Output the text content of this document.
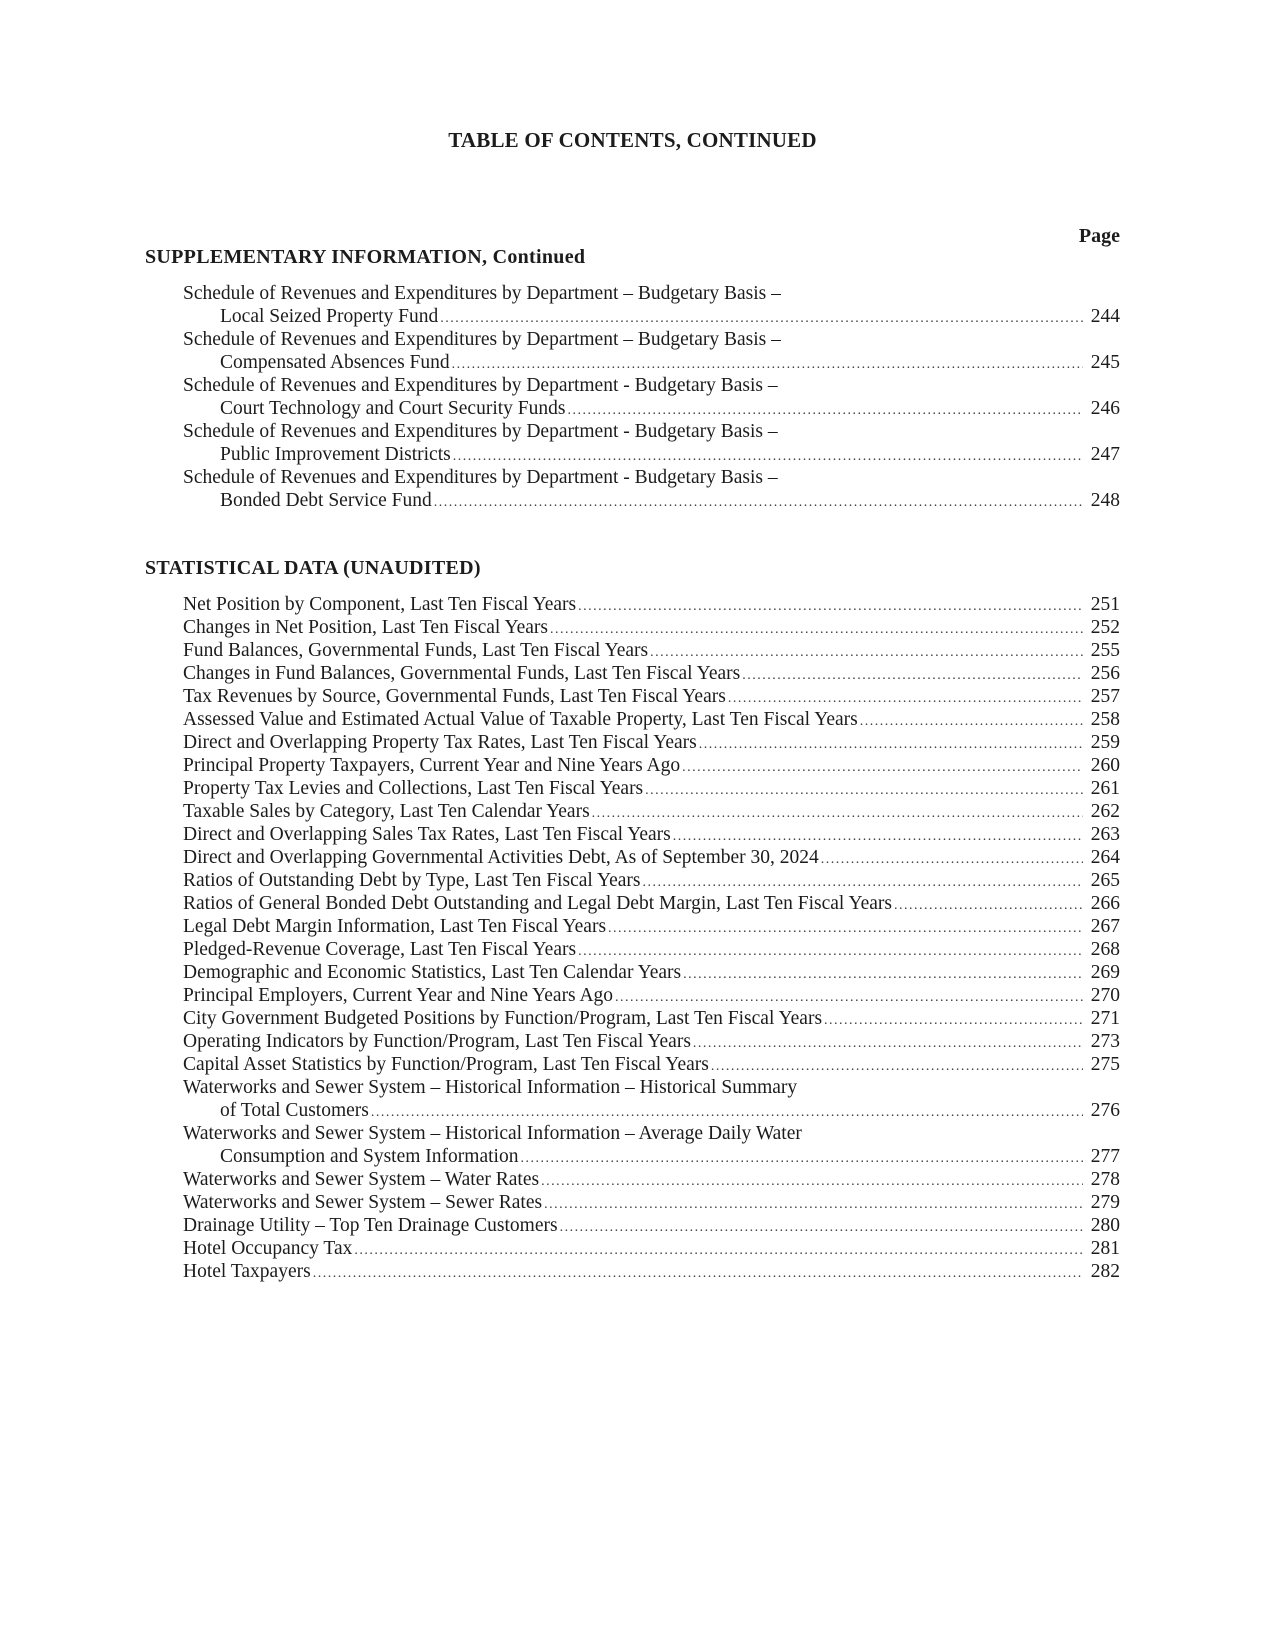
TABLE OF CONTENTS, CONTINUED
Page
SUPPLEMENTARY INFORMATION, Continued
Schedule of Revenues and Expenditures by Department – Budgetary Basis –
Local Seized Property Fund .....	244
Schedule of Revenues and Expenditures by Department – Budgetary Basis –
Compensated Absences Fund .....	245
Schedule of Revenues and Expenditures by Department - Budgetary Basis –
Court Technology and Court Security Funds .....	246
Schedule of Revenues and Expenditures by Department - Budgetary Basis –
Public Improvement Districts .....	247
Schedule of Revenues and Expenditures by Department - Budgetary Basis –
Bonded Debt Service Fund .....	248
STATISTICAL DATA (UNAUDITED)
Net Position by Component, Last Ten Fiscal Years .....	251
Changes in Net Position, Last Ten Fiscal Years .....	252
Fund Balances, Governmental Funds, Last Ten Fiscal Years .....	255
Changes in Fund Balances, Governmental Funds, Last Ten Fiscal Years .....	256
Tax Revenues by Source, Governmental Funds, Last Ten Fiscal Years .....	257
Assessed Value and Estimated Actual Value of Taxable Property, Last Ten Fiscal Years .....	258
Direct and Overlapping Property Tax Rates, Last Ten Fiscal Years .....	259
Principal Property Taxpayers, Current Year and Nine Years Ago .....	260
Property Tax Levies and Collections, Last Ten Fiscal Years .....	261
Taxable Sales by Category, Last Ten Calendar Years .....	262
Direct and Overlapping Sales Tax Rates, Last Ten Fiscal Years .....	263
Direct and Overlapping Governmental Activities Debt, As of September 30, 2024 .....	264
Ratios of Outstanding Debt by Type, Last Ten Fiscal Years .....	265
Ratios of General Bonded Debt Outstanding and Legal Debt Margin, Last Ten Fiscal Years .....	266
Legal Debt Margin Information, Last Ten Fiscal Years .....	267
Pledged-Revenue Coverage, Last Ten Fiscal Years .....	268
Demographic and Economic Statistics, Last Ten Calendar Years .....	269
Principal Employers, Current Year and Nine Years Ago .....	270
City Government Budgeted Positions by Function/Program, Last Ten Fiscal Years .....	271
Operating Indicators by Function/Program, Last Ten Fiscal Years .....	273
Capital Asset Statistics by Function/Program, Last Ten Fiscal Years .....	275
Waterworks and Sewer System – Historical Information – Historical Summary
of Total Customers .....	276
Waterworks and Sewer System – Historical Information – Average Daily Water
Consumption and System Information .....	277
Waterworks and Sewer System – Water Rates .....	278
Waterworks and Sewer System – Sewer Rates .....	279
Drainage Utility – Top Ten Drainage Customers .....	280
Hotel Occupancy Tax .....	281
Hotel Taxpayers .....	282
